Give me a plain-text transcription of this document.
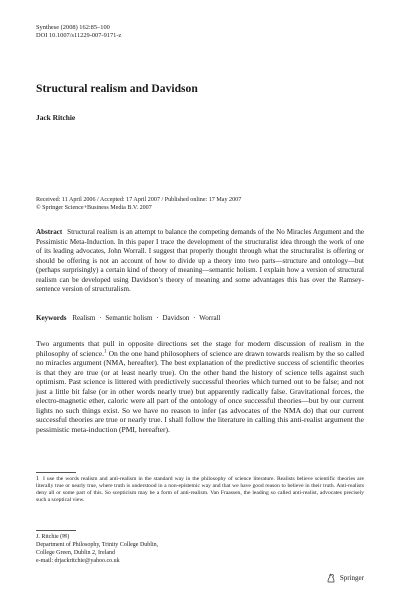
Synthese (2008) 162:85–100
DOI 10.1007/s11229-007-9171-z
Structural realism and Davidson
Jack Ritchie
Received: 11 April 2006 / Accepted: 17 April 2007 / Published online: 17 May 2007
© Springer Science+Business Media B.V. 2007
Abstract Structural realism is an attempt to balance the competing demands of the No Miracles Argument and the Pessimistic Meta-Induction. In this paper I trace the development of the structuralist idea through the work of one of its leading advocates, John Worrall. I suggest that properly thought through what the structuralist is offering or should be offering is not an account of how to divide up a theory into two parts—structure and ontology—but (perhaps surprisingly) a certain kind of theory of meaning—semantic holism. I explain how a version of structural realism can be developed using Davidson’s theory of meaning and some advantages this has over the Ramsey-sentence version of structuralism.
Keywords Realism · Semantic holism · Davidson · Worrall
Two arguments that pull in opposite directions set the stage for modern discussion of realism in the philosophy of science.$^1$ On the one hand philosophers of science are drawn towards realism by the so called no miracles argument (NMA, hereafter). The best explanation of the predictive success of scientific theories is that they are true (or at least nearly true). On the other hand the history of science tells against such optimism. Past science is littered with predictively successful theories which turned out to be false; and not just a little bit false (or in other words nearly true) but apparently radically false. Gravitational forces, the electro-magnetic ether, caloric were all part of the ontology of once successful theories—but by our current lights no such things exist. So we have no reason to infer (as advocates of the NMA do) that our current successful theories are true or nearly true. I shall follow the literature in calling this anti-realist argument the pessimistic meta-induction (PMI, hereafter).
1 I use the words realism and anti-realism in the standard way in the philosophy of science literature. Realists believe scientific theories are literally true or nearly true, where truth is understood in a non-epistemic way and that we have good reason to believe in their truth. Anti-realists deny all or some part of this. So scepticism may be a form of anti-realism. Van Fraassen, the leading so called anti-realist, advocates precisely such a sceptical view.
J. Ritchie (✉)
Department of Philosophy, Trinity College Dublin,
College Green, Dublin 2, Ireland
e-mail: drjackritchie@yahoo.co.uk
Springer
